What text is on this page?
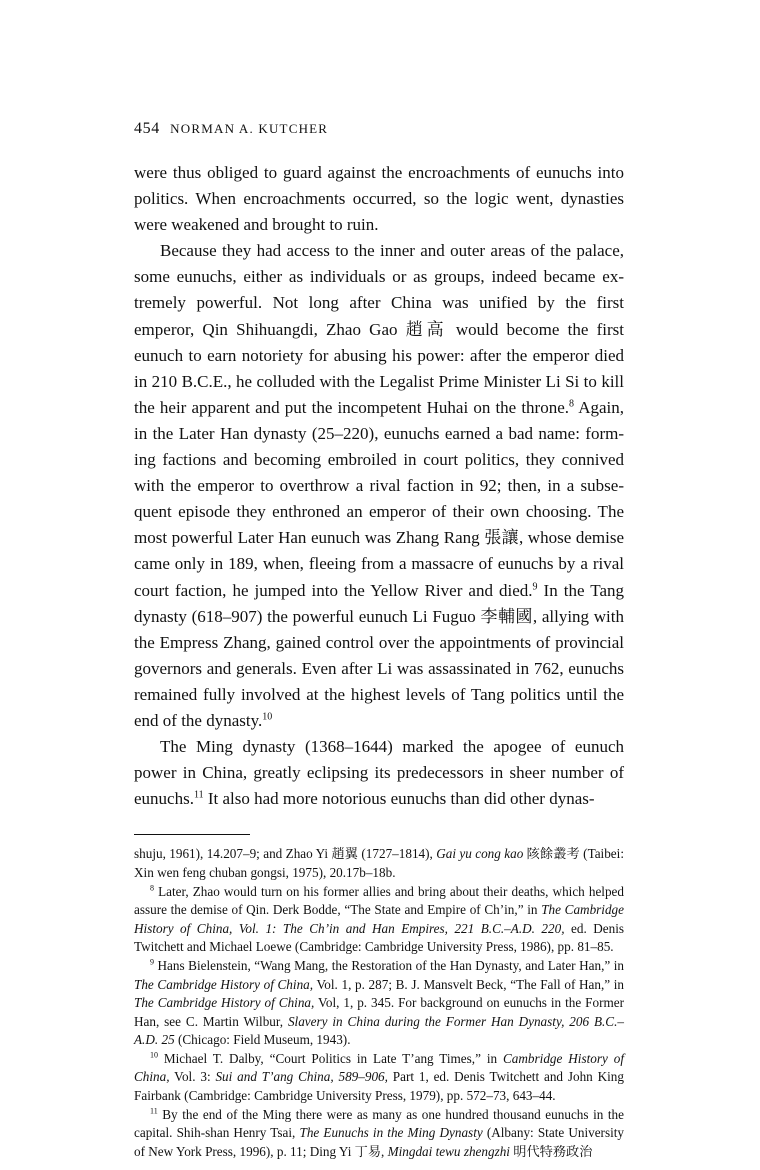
454 NORMAN A. KUTCHER

were thus obliged to guard against the encroachments of eunuchs into politics. When encroachments occurred, so the logic went, dynasties were weakened and brought to ruin.

Because they had access to the inner and outer areas of the palace, some eunuchs, either as individuals or as groups, indeed became extremely powerful. Not long after China was unified by the first emperor, Qin Shihuangdi, Zhao Gao 趙高 would become the first eunuch to earn notoriety for abusing his power: after the emperor died in 210 B.C.E., he colluded with the Legalist Prime Minister Li Si to kill the heir apparent and put the incompetent Huhai on the throne.$^8$ Again, in the Later Han dynasty (25–220), eunuchs earned a bad name: forming factions and becoming embroiled in court politics, they connived with the emperor to overthrow a rival faction in 92; then, in a subsequent episode they enthroned an emperor of their own choosing. The most powerful Later Han eunuch was Zhang Rang 張讓, whose demise came only in 189, when, fleeing from a massacre of eunuchs by a rival court faction, he jumped into the Yellow River and died.$^9$ In the Tang dynasty (618–907) the powerful eunuch Li Fuguo 李輔國, allying with the Empress Zhang, gained control over the appointments of provincial governors and generals. Even after Li was assassinated in 762, eunuchs remained fully involved at the highest levels of Tang politics until the end of the dynasty.$^{10}$

The Ming dynasty (1368–1644) marked the apogee of eunuch power in China, greatly eclipsing its predecessors in sheer number of eunuchs.$^{11}$ It also had more notorious eunuchs than did other dynas-

shuju, 1961), 14.207–9; and Zhao Yi 趙翼 (1727–1814), Gai yu cong kao 陔餘叢考 (Taibei: Xin wen feng chuban gongsi, 1975), 20.17b–18b.

$^8$ Later, Zhao would turn on his former allies and bring about their deaths, which helped assure the demise of Qin. Derk Bodde, “The State and Empire of Ch’in,” in The Cambridge History of China, Vol. 1: The Ch’in and Han Empires, 221 B.C.–A.D. 220, ed. Denis Twitchett and Michael Loewe (Cambridge: Cambridge University Press, 1986), pp. 81–85.

$^9$ Hans Bielenstein, “Wang Mang, the Restoration of the Han Dynasty, and Later Han,” in The Cambridge History of China, Vol. 1, p. 287; B. J. Mansvelt Beck, “The Fall of Han,” in The Cambridge History of China, Vol, 1, p. 345. For background on eunuchs in the Former Han, see C. Martin Wilbur, Slavery in China during the Former Han Dynasty, 206 B.C.–A.D. 25 (Chicago: Field Museum, 1943).

$^{10}$ Michael T. Dalby, “Court Politics in Late T’ang Times,” in Cambridge History of China, Vol. 3: Sui and T’ang China, 589–906, Part 1, ed. Denis Twitchett and John King Fairbank (Cambridge: Cambridge University Press, 1979), pp. 572–73, 643–44.

$^{11}$ By the end of the Ming there were as many as one hundred thousand eunuchs in the capital. Shih-shan Henry Tsai, The Eunuchs in the Ming Dynasty (Albany: State University of New York Press, 1996), p. 11; Ding Yi 丁易, Mingdai tewu zhengzhi 明代特務政治
